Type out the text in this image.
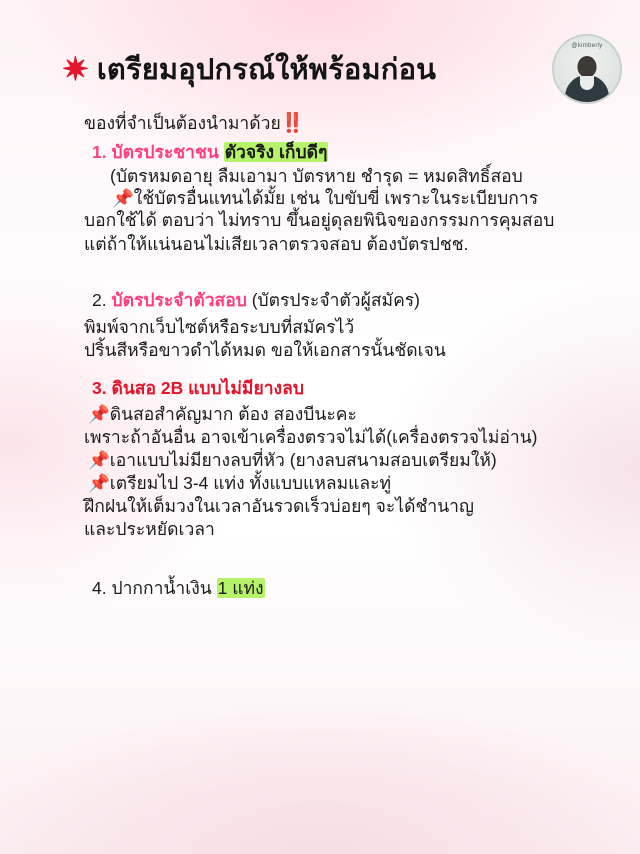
@kimberly
✷ เตรียมอุปกรณ์ให้พร้อมก่อน
ของที่จำเป็นต้องนำมาด้วย‼️
1. บัตรประชาชน ตัวจริง เก็บดีๆ
(บัตรหมดอายุ ลืมเอามา บัตรหาย ชำรุด = หมดสิทธิ์สอบ
📌ใช้บัตรอื่นแทนได้มั้ย เช่น ใบขับขี่ เพราะในระเบียบการ
บอกใช้ได้ ตอบว่า ไม่ทราบ ขึ้นอยู่ดุลยพินิจของกรรมการคุมสอบ
แต่ถ้าให้แน่นอนไม่เสียเวลาตรวจสอบ ต้องบัตรปชช.
2. บัตรประจำตัวสอบ (บัตรประจำตัวผู้สมัคร)
พิมพ์จากเว็บไซต์หรือระบบที่สมัครไว้
ปริ้นสีหรือขาวดำได้หมด ขอให้เอกสารนั้นชัดเจน
3. ดินสอ 2B แบบไม่มียางลบ
📌ดินสอสำคัญมาก ต้อง สองบีนะคะ
เพราะถ้าอันอื่น อาจเข้าเครื่องตรวจไม่ได้(เครื่องตรวจไม่อ่าน)
📌เอาแบบไม่มียางลบที่หัว (ยางลบสนามสอบเตรียมให้)
📌เตรียมไป 3-4 แท่ง ทั้งแบบแหลมและทู่
ฝึกฝนให้เต็มวงในเวลาอันรวดเร็วบ่อยๆ จะได้ชำนาญ
และประหยัดเวลา
4. ปากกาน้ำเงิน 1 แท่ง
